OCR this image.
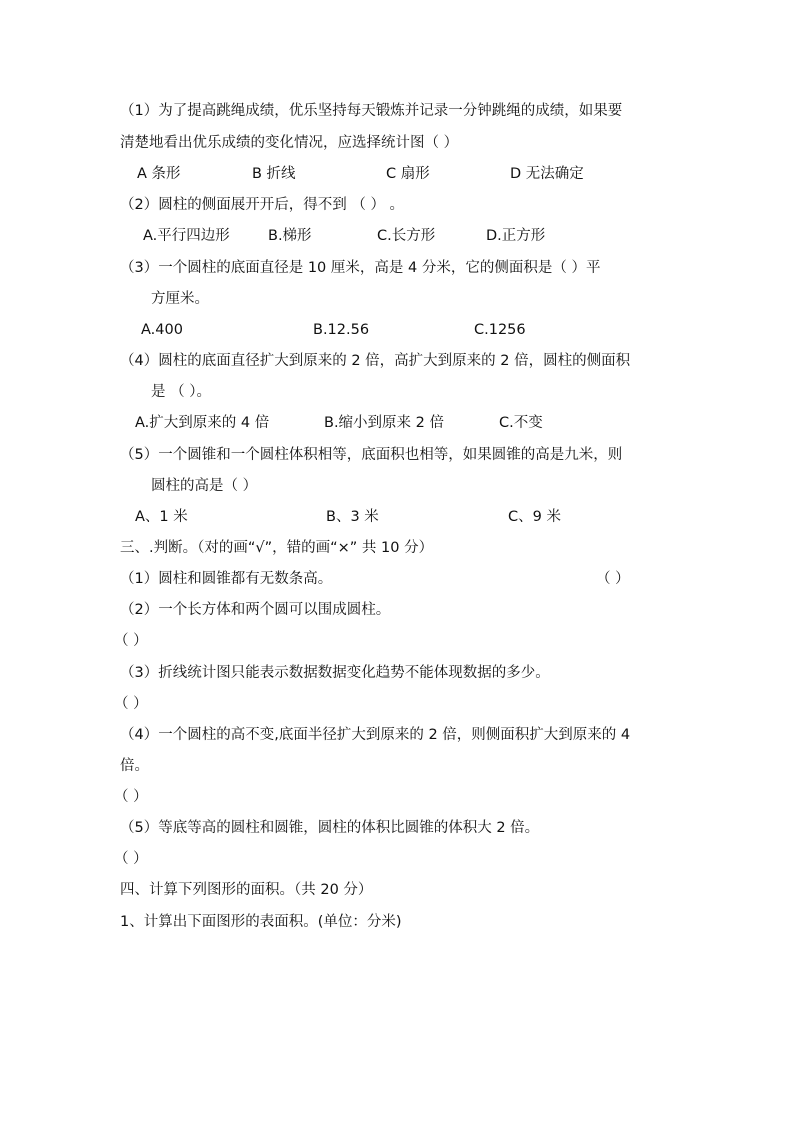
（1）为了提高跳绳成绩，优乐坚持每天锻炼并记录一分钟跳绳的成绩，如果要
清楚地看出优乐成绩的变化情况，应选择统计图（ ）
A 条形	B 折线	C 扇形	D 无法确定
（2）圆柱的侧面展开开后，得不到 （ ） 。
A.平行四边形	B.梯形	C.长方形	D.正方形
（3）一个圆柱的底面直径是 10 厘米，高是 4 分米，它的侧面积是（ ）平
方厘米。
A.400	B.12.56	C.1256
（4）圆柱的底面直径扩大到原来的 2 倍，高扩大到原来的 2 倍，圆柱的侧面积
是 （ ）。
A.扩大到原来的 4 倍	B.缩小到原来 2 倍	C.不变
（5）一个圆锥和一个圆柱体积相等，底面积也相等，如果圆锥的高是九米，则
圆柱的高是（ ）
A、1 米	B、3 米	C、9 米
三、.判断。（对的画“√”，错的画“×” 共 10 分）
（1）圆柱和圆锥都有无数条高。	（ ）
（2）一个长方体和两个圆可以围成圆柱。
（ ）
（3）折线统计图只能表示数据数据变化趋势不能体现数据的多少。
（ ）
（4）一个圆柱的高不变,底面半径扩大到原来的 2 倍，则侧面积扩大到原来的 4
倍。
（ ）
（5）等底等高的圆柱和圆锥，圆柱的体积比圆锥的体积大 2 倍。
（ ）
四、计算下列图形的面积。（共 20 分）
1、计算出下面图形的表面积。(单位：分米)
